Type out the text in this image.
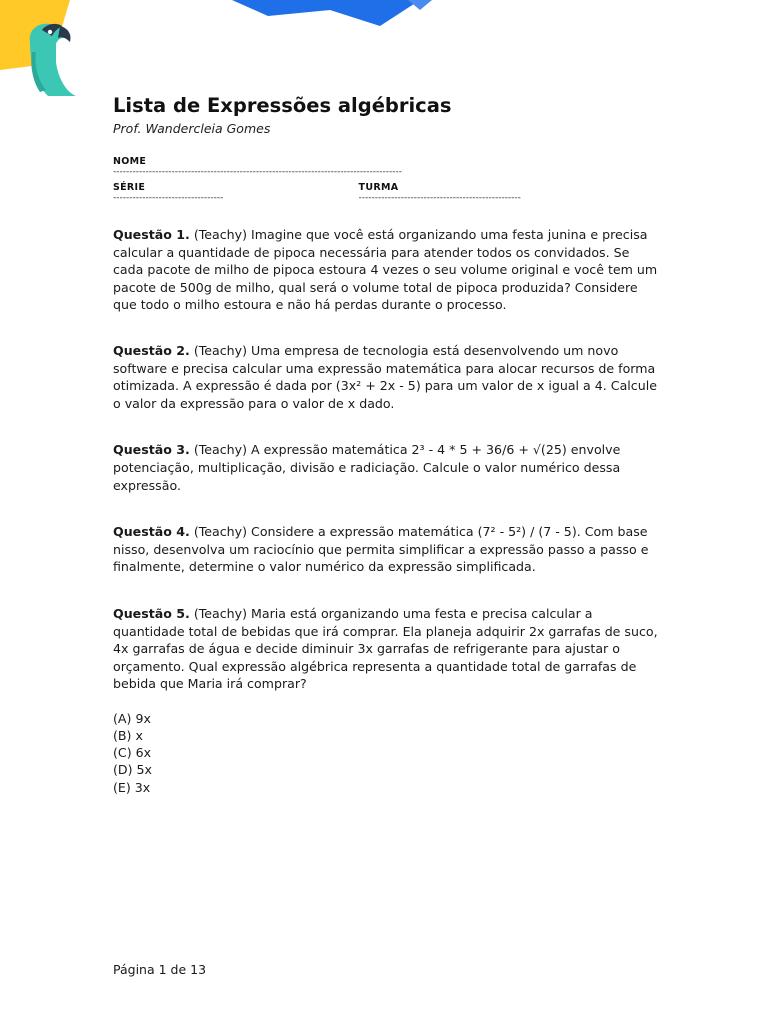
Lista de Expressões algébricas
Prof. Wandercleia Gomes
NOME
-----------------------------------------------------------------------------------------
SÉRIE
----------------------------------
TURMA
--------------------------------------------------

Questão 1. (Teachy) Imagine que você está organizando uma festa junina e precisa calcular a quantidade de pipoca necessária para atender todos os convidados. Se cada pacote de milho de pipoca estoura 4 vezes o seu volume original e você tem um pacote de 500g de milho, qual será o volume total de pipoca produzida? Considere que todo o milho estoura e não há perdas durante o processo.

Questão 2. (Teachy) Uma empresa de tecnologia está desenvolvendo um novo software e precisa calcular uma expressão matemática para alocar recursos de forma otimizada. A expressão é dada por (3x² + 2x - 5) para um valor de x igual a 4. Calcule o valor da expressão para o valor de x dado.

Questão 3. (Teachy) A expressão matemática 2³ - 4 * 5 + 36/6 + √(25) envolve potenciação, multiplicação, divisão e radiciação. Calcule o valor numérico dessa expressão.

Questão 4. (Teachy) Considere a expressão matemática (7² - 5²) / (7 - 5). Com base nisso, desenvolva um raciocínio que permita simplificar a expressão passo a passo e finalmente, determine o valor numérico da expressão simplificada.

Questão 5. (Teachy) Maria está organizando uma festa e precisa calcular a quantidade total de bebidas que irá comprar. Ela planeja adquirir 2x garrafas de suco, 4x garrafas de água e decide diminuir 3x garrafas de refrigerante para ajustar o orçamento. Qual expressão algébrica representa a quantidade total de garrafas de bebida que Maria irá comprar?

(A) 9x
(B) x
(C) 6x
(D) 5x
(E) 3x
Página 1 de 13
